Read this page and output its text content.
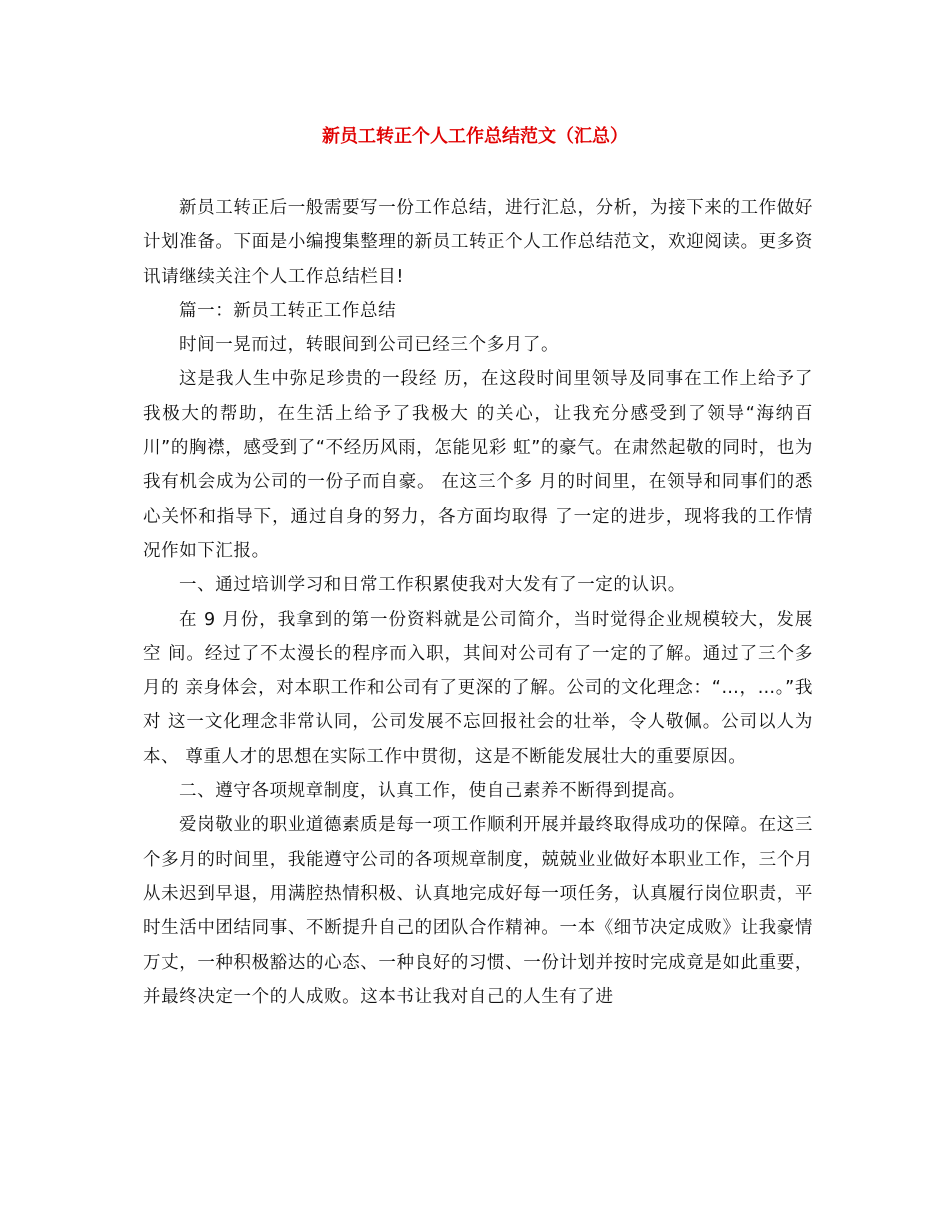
新员工转正个人工作总结范文（汇总）

新员工转正后一般需要写一份工作总结，进行汇总，分析，为接下来的工作做好计划准备。下面是小编搜集整理的新员工转正个人工作总结范文，欢迎阅读。更多资讯请继续关注个人工作总结栏目!

篇一：新员工转正工作总结

时间一晃而过，转眼间到公司已经三个多月了。

这是我人生中弥足珍贵的一段经 历，在这段时间里领导及同事在工作上给予了我极大的帮助，在生活上给予了我极大 的关心，让我充分感受到了领导“海纳百川”的胸襟，感受到了“不经历风雨，怎能见彩 虹”的豪气。在肃然起敬的同时，也为我有机会成为公司的一份子而自豪。 在这三个多 月的时间里，在领导和同事们的悉心关怀和指导下，通过自身的努力，各方面均取得 了一定的进步，现将我的工作情况作如下汇报。

一、通过培训学习和日常工作积累使我对大发有了一定的认识。

在 9 月份，我拿到的第一份资料就是公司简介，当时觉得企业规模较大，发展空 间。经过了不太漫长的程序而入职，其间对公司有了一定的了解。通过了三个多月的 亲身体会，对本职工作和公司有了更深的了解。公司的文化理念：“…，…。”我对 这一文化理念非常认同，公司发展不忘回报社会的壮举，令人敬佩。公司以人为本、 尊重人才的思想在实际工作中贯彻，这是不断能发展壮大的重要原因。

二、遵守各项规章制度，认真工作，使自己素养不断得到提高。

爱岗敬业的职业道德素质是每一项工作顺利开展并最终取得成功的保障。在这三 个多月的时间里，我能遵守公司的各项规章制度，兢兢业业做好本职业工作，三个月 从未迟到早退，用满腔热情积极、认真地完成好每一项任务，认真履行岗位职责，平 时生活中团结同事、不断提升自己的团队合作精神。一本《细节决定成败》让我豪情 万丈，一种积极豁达的心态、一种良好的习惯、一份计划并按时完成竟是如此重要， 并最终决定一个的人成败。这本书让我对自己的人生有了进
